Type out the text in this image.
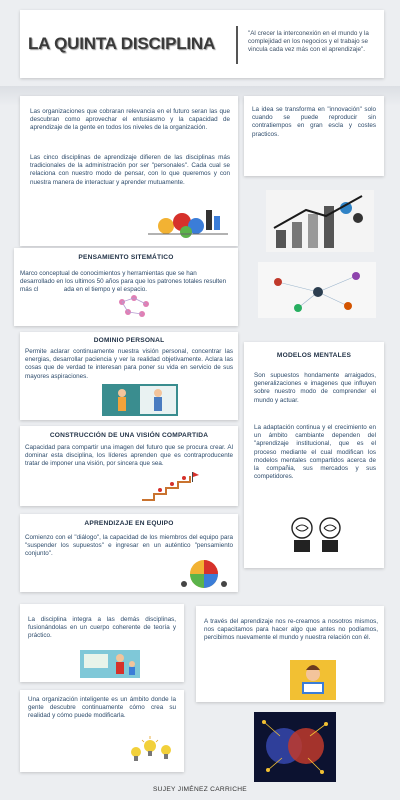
LA QUINTA DISCIPLINA

"Al crecer la interconexión en el mundo y la complejidad en los negocios y el trabajo se vincula cada vez más con el aprendizaje".

Las organizaciones que cobraran relevancia en el futuro seran las que descubran como aprovechar el entusiasmo y la capacidad de aprendizaje de la gente en todos los niveles de la organización.

Las cinco disciplinas de aprendizaje difieren de las disciplinas más tradicionales de la administración por ser "personales". Cada cual se relaciona con nuestro modo de pensar, con lo que queremos y con nuestra manera de interactuar y aprender mutuamente.

La idea se transforma en "innovación" solo cuando se puede reproducir sin contratiempos en gran escla y costes practicos.

PENSAMIENTO SITEMÁTICO

Marco conceptual de conocimientos y herramientas que se han desarrollado en los ultimos 50 años para que los patrones totales resulten más cl	ada en el tiempo y el espacio.

DOMINIO PERSONAL

Permite aclarar continuamente nuestra visión personal, concentrar las energias, desarrollar paciencia y ver la realidad objetivamente. Aclara las cosas que de verdad te interesan para poner su vida en servicio de sus mayores aspiraciones.

MODELOS MENTALES

Son supuestos hondamente arraigados, generalizaciones e imagenes que influyen sobre nuestro modo de comprender el mundo y actuar.

La adaptación continua y el crecimiento en un ámbito cambiante dependen del "aprendizaje institucional, que es el proceso mediante el cual modifican los modelos mentales compartidos acerca de la compañia, sus mercados y sus competidores.

CONSTRUCCIÓN DE UNA VISIÓN COMPARTIDA

Capacidad para compartir una imagen del futuro que se procura crear. Al dominar esta disciplina, los líderes aprenden que es contraproducente tratar de imponer una visión, por sincera que sea.

APRENDIZAJE EN EQUIPO

Comienzo con el "diálogo", la capacidad de los miembros del equipo para "suspender los supuestos" e ingresar en un auténtico "pensamiento conjunto".

La disciplina integra a las demás disciplinas, fusionándolas en un cuerpo coherente de teoría y práctico.

A través del aprendizaje nos re-creamos a nosotros mismos, nos capacitamos para hacer algo que antes no podíamos, percibimos nuevamente el mundo y nuestra relación con él.

Una organización inteligente es un ámbito donde la gente descubre continuamente cómo crea su realidad y cómo puede modificarla.

SUJEY JIMÉNEZ CARRICHE
